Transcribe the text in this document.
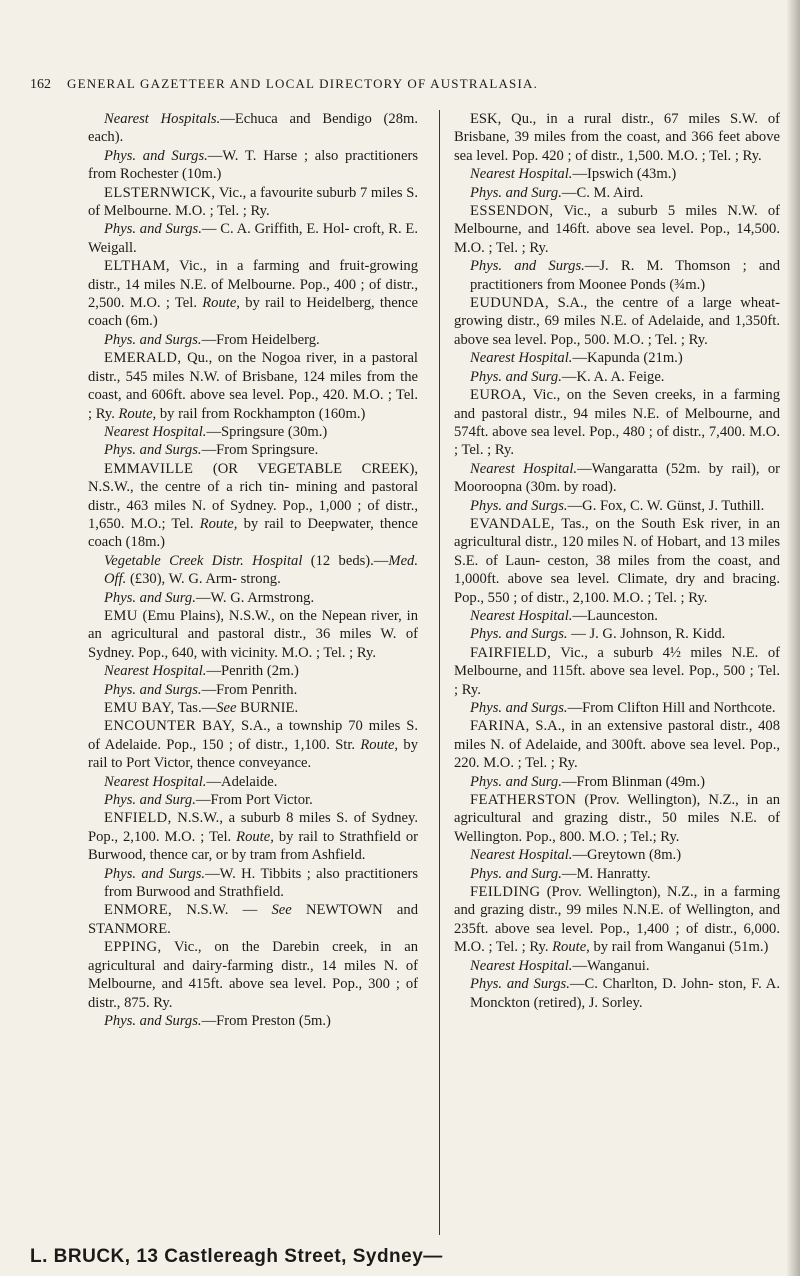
162 GENERAL GAZETTEER AND LOCAL DIRECTORY OF AUSTRALASIA.

Nearest Hospitals.—Echuca and Bendigo (28m. each).

Phys. and Surgs.—W. T. Harse ; also practitioners from Rochester (10m.)

ELSTERNWICK, Vic., a favourite suburb 7 miles S. of Melbourne. M.O. ; Tel. ; Ry.

Phys. and Surgs.— C. A. Griffith, E. Hol- croft, R. E. Weigall.

ELTHAM, Vic., in a farming and fruit-growing distr., 14 miles N.E. of Melbourne. Pop., 400 ; of distr., 2,500. M.O. ; Tel. Route, by rail to Heidelberg, thence coach (6m.)

Phys. and Surgs.—From Heidelberg.

EMERALD, Qu., on the Nogoa river, in a pastoral distr., 545 miles N.W. of Brisbane, 124 miles from the coast, and 606ft. above sea level. Pop., 420. M.O. ; Tel. ; Ry. Route, by rail from Rockhampton (160m.)

Nearest Hospital.—Springsure (30m.)

Phys. and Surgs.—From Springsure.

EMMAVILLE (OR VEGETABLE CREEK), N.S.W., the centre of a rich tin- mining and pastoral distr., 463 miles N. of Sydney. Pop., 1,000 ; of distr., 1,650. M.O.; Tel. Route, by rail to Deepwater, thence coach (18m.)

Vegetable Creek Distr. Hospital (12 beds).—Med. Off. (£30), W. G. Arm- strong.

Phys. and Surg.—W. G. Armstrong.

EMU (Emu Plains), N.S.W., on the Nepean river, in an agricultural and pastoral distr., 36 miles W. of Sydney. Pop., 640, with vicinity. M.O. ; Tel. ; Ry.

Nearest Hospital.—Penrith (2m.)

Phys. and Surgs.—From Penrith.

EMU BAY, Tas.—See BURNIE.

ENCOUNTER BAY, S.A., a township 70 miles S. of Adelaide. Pop., 150 ; of distr., 1,100. Str. Route, by rail to Port Victor, thence conveyance.

Nearest Hospital.—Adelaide.

Phys. and Surg.—From Port Victor.

ENFIELD, N.S.W., a suburb 8 miles S. of Sydney. Pop., 2,100. M.O. ; Tel. Route, by rail to Strathfield or Burwood, thence car, or by tram from Ashfield.

Phys. and Surgs.—W. H. Tibbits ; also practitioners from Burwood and Strathfield.

ENMORE, N.S.W. — See NEWTOWN and STANMORE.

EPPING, Vic., on the Darebin creek, in an agricultural and dairy-farming distr., 14 miles N. of Melbourne, and 415ft. above sea level. Pop., 300 ; of distr., 875. Ry.

Phys. and Surgs.—From Preston (5m.)

ESK, Qu., in a rural distr., 67 miles S.W. of Brisbane, 39 miles from the coast, and 366 feet above sea level. Pop. 420 ; of distr., 1,500. M.O. ; Tel. ; Ry.

Nearest Hospital.—Ipswich (43m.)

Phys. and Surg.—C. M. Aird.

ESSENDON, Vic., a suburb 5 miles N.W. of Melbourne, and 146ft. above sea level. Pop., 14,500. M.O. ; Tel. ; Ry.

Phys. and Surgs.—J. R. M. Thomson ; and practitioners from Moonee Ponds (¾m.)

EUDUNDA, S.A., the centre of a large wheat-growing distr., 69 miles N.E. of Adelaide, and 1,350ft. above sea level. Pop., 500. M.O. ; Tel. ; Ry.

Nearest Hospital.—Kapunda (21m.)

Phys. and Surg.—K. A. A. Feige.

EUROA, Vic., on the Seven creeks, in a farming and pastoral distr., 94 miles N.E. of Melbourne, and 574ft. above sea level. Pop., 480 ; of distr., 7,400. M.O. ; Tel. ; Ry.

Nearest Hospital.—Wangaratta (52m. by rail), or Mooroopna (30m. by road).

Phys. and Surgs.—G. Fox, C. W. Günst, J. Tuthill.

EVANDALE, Tas., on the South Esk river, in an agricultural distr., 120 miles N. of Hobart, and 13 miles S.E. of Laun- ceston, 38 miles from the coast, and 1,000ft. above sea level. Climate, dry and bracing. Pop., 550 ; of distr., 2,100. M.O. ; Tel. ; Ry.

Nearest Hospital.—Launceston.

Phys. and Surgs. — J. G. Johnson, R. Kidd.

FAIRFIELD, Vic., a suburb 4½ miles N.E. of Melbourne, and 115ft. above sea level. Pop., 500 ; Tel. ; Ry.

Phys. and Surgs.—From Clifton Hill and Northcote.

FARINA, S.A., in an extensive pastoral distr., 408 miles N. of Adelaide, and 300ft. above sea level. Pop., 220. M.O. ; Tel. ; Ry.

Phys. and Surg.—From Blinman (49m.)

FEATHERSTON (Prov. Wellington), N.Z., in an agricultural and grazing distr., 50 miles N.E. of Wellington. Pop., 800. M.O. ; Tel.; Ry.

Nearest Hospital.—Greytown (8m.)

Phys. and Surg.—M. Hanratty.

FEILDING (Prov. Wellington), N.Z., in a farming and grazing distr., 99 miles N.N.E. of Wellington, and 235ft. above sea level. Pop., 1,400 ; of distr., 6,000. M.O. ; Tel. ; Ry. Route, by rail from Wanganui (51m.)

Nearest Hospital.—Wanganui.

Phys. and Surgs.—C. Charlton, D. John- ston, F. A. Monckton (retired), J. Sorley.

L. BRUCK, 13 Castlereagh Street, Sydney—
